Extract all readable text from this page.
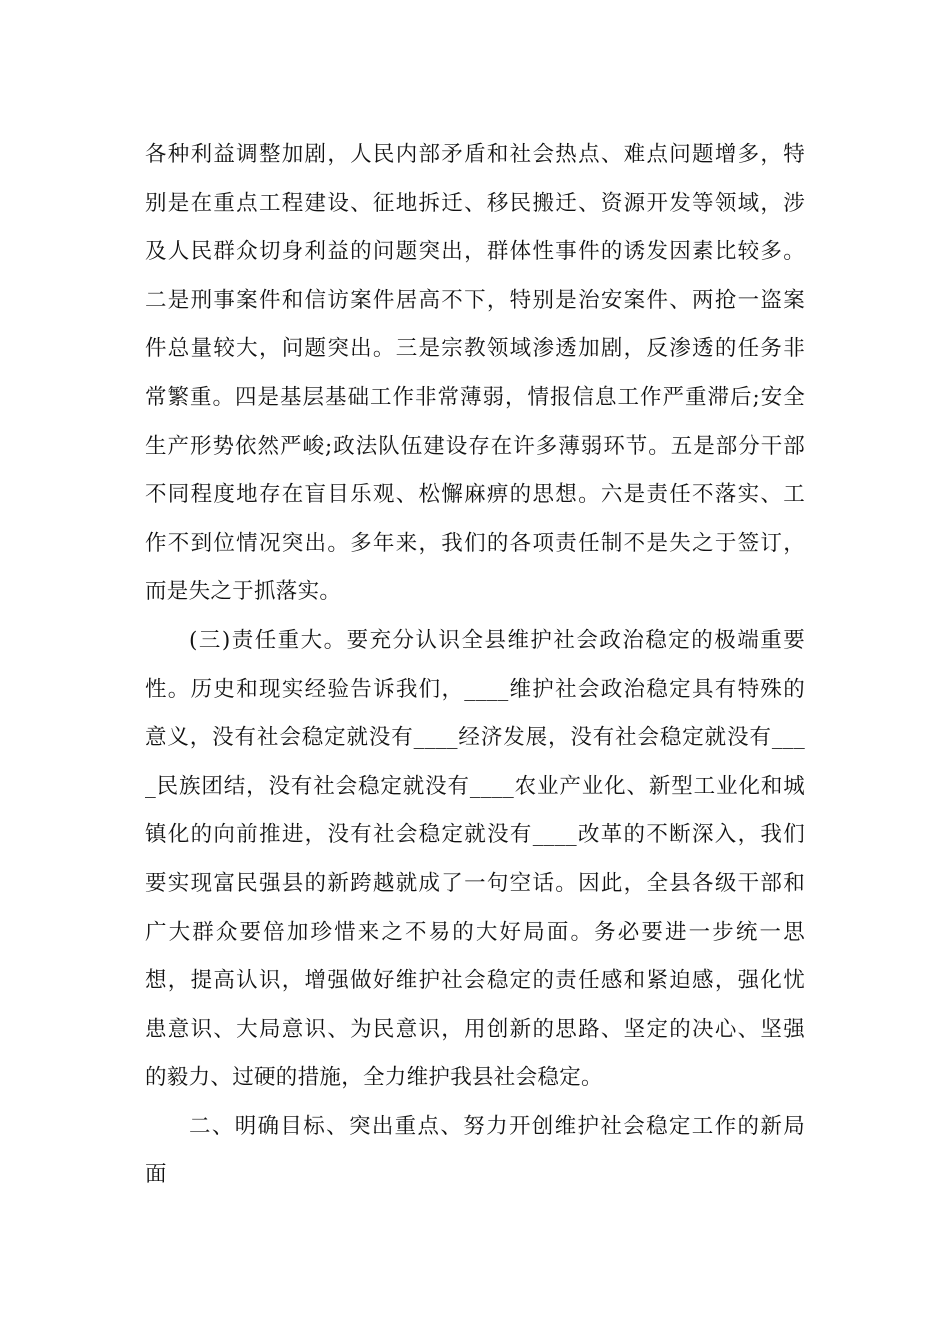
各种利益调整加剧，人民内部矛盾和社会热点、难点问题增多，特
别是在重点工程建设、征地拆迁、移民搬迁、资源开发等领域，涉
及人民群众切身利益的问题突出，群体性事件的诱发因素比较多。
二是刑事案件和信访案件居高不下，特别是治安案件、两抢一盗案
件总量较大，问题突出。三是宗教领域渗透加剧，反渗透的任务非
常繁重。四是基层基础工作非常薄弱，情报信息工作严重滞后;安全
生产形势依然严峻;政法队伍建设存在许多薄弱环节。五是部分干部
不同程度地存在盲目乐观、松懈麻痹的思想。六是责任不落实、工
作不到位情况突出。多年来，我们的各项责任制不是失之于签订，
而是失之于抓落实。
(三)责任重大。要充分认识全县维护社会政治稳定的极端重要
性。历史和现实经验告诉我们，____维护社会政治稳定具有特殊的
意义，没有社会稳定就没有____经济发展，没有社会稳定就没有___
_民族团结，没有社会稳定就没有____农业产业化、新型工业化和城
镇化的向前推进，没有社会稳定就没有____改革的不断深入，我们
要实现富民强县的新跨越就成了一句空话。因此，全县各级干部和
广大群众要倍加珍惜来之不易的大好局面。务必要进一步统一思
想，提高认识，增强做好维护社会稳定的责任感和紧迫感，强化忧
患意识、大局意识、为民意识，用创新的思路、坚定的决心、坚强
的毅力、过硬的措施，全力维护我县社会稳定。
二、明确目标、突出重点、努力开创维护社会稳定工作的新局
面
